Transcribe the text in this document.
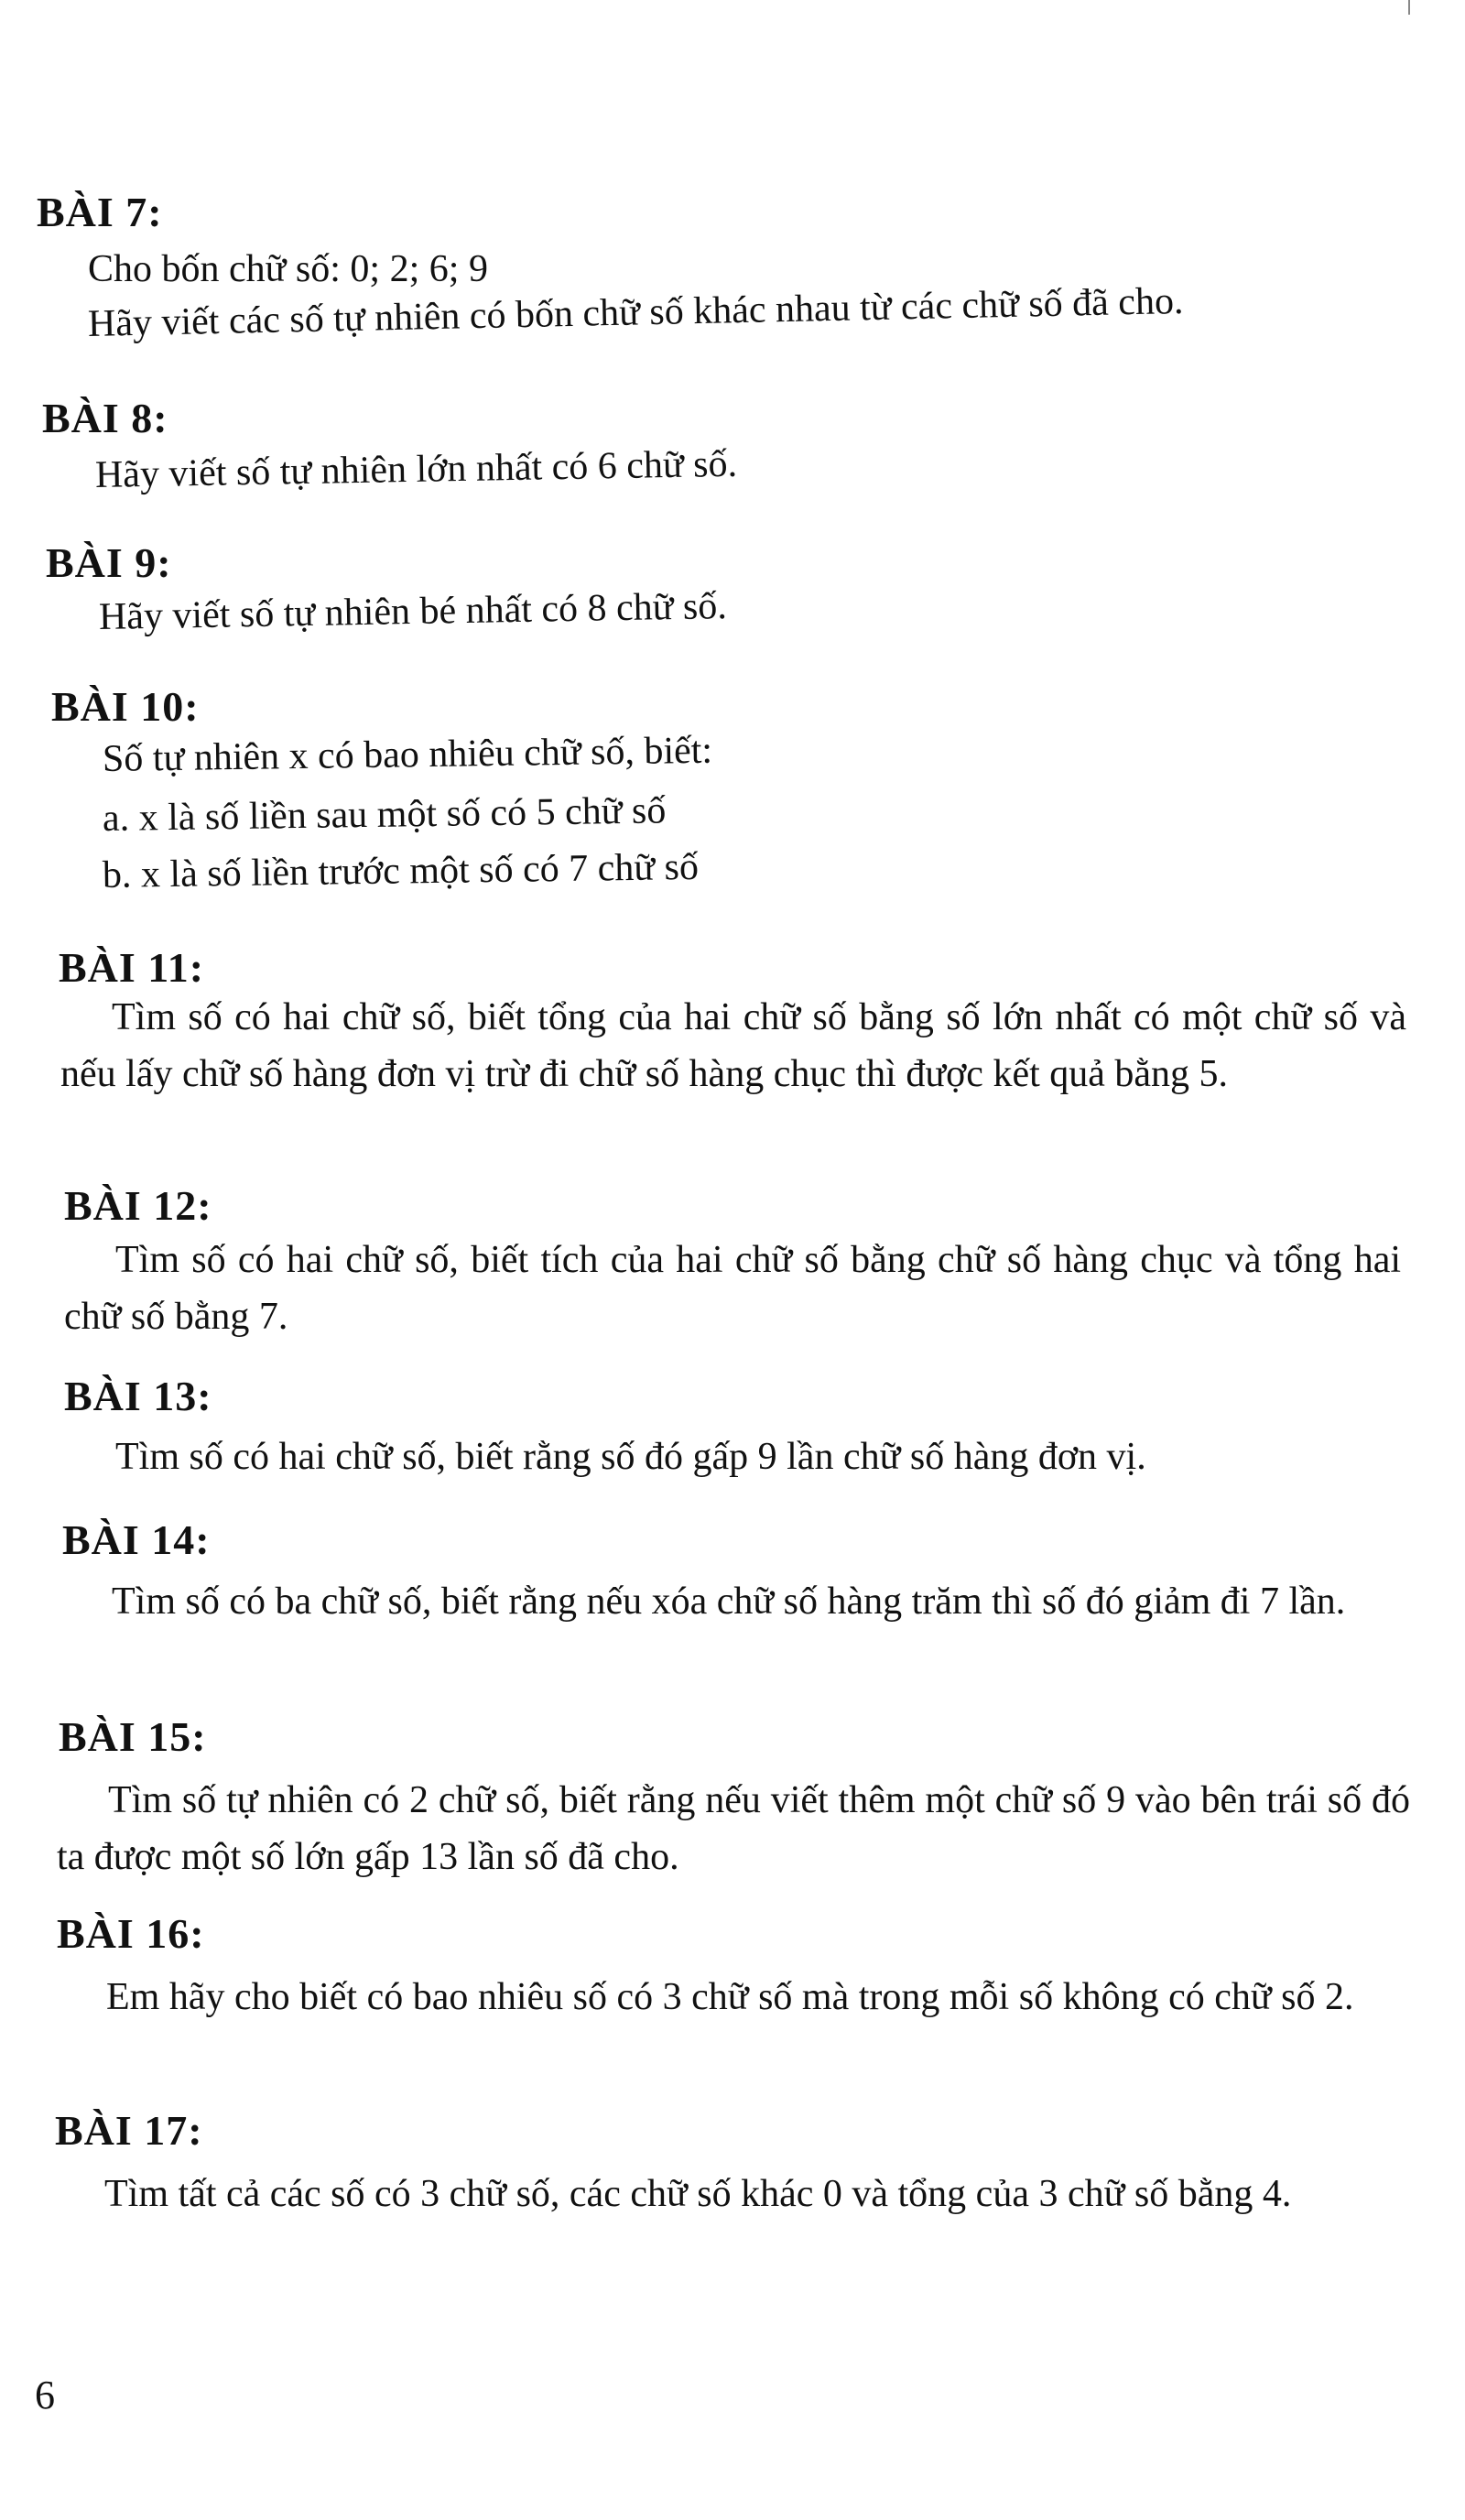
BÀI 7:
Cho bốn chữ số: 0; 2; 6; 9
Hãy viết các số tự nhiên có bốn chữ số khác nhau từ các chữ số đã cho.
BÀI 8:
Hãy viết số tự nhiên lớn nhất có 6 chữ số.
BÀI 9:
Hãy viết số tự nhiên bé nhất có 8 chữ số.
BÀI 10:
Số tự nhiên x có bao nhiêu chữ số, biết:
a. x là số liền sau một số có 5 chữ số
b. x là số liền trước một số có 7 chữ số
BÀI 11:
Tìm số có hai chữ số, biết tổng của hai chữ số bằng số lớn nhất có một chữ số và nếu lấy chữ số hàng đơn vị trừ đi chữ số hàng chục thì được kết quả bằng 5.
BÀI 12:
Tìm số có hai chữ số, biết tích của hai chữ số bằng chữ số hàng chục và tổng hai chữ số bằng 7.
BÀI 13:
Tìm số có hai chữ số, biết rằng số đó gấp 9 lần chữ số hàng đơn vị.
BÀI 14:
Tìm số có ba chữ số, biết rằng nếu xóa chữ số hàng trăm thì số đó giảm đi 7 lần.
BÀI 15:
Tìm số tự nhiên có 2 chữ số, biết rằng nếu viết thêm một chữ số 9 vào bên trái số đó ta được một số lớn gấp 13 lần số đã cho.
BÀI 16:
Em hãy cho biết có bao nhiêu số có 3 chữ số mà trong mỗi số không có chữ số 2.
BÀI 17:
Tìm tất cả các số có 3 chữ số, các chữ số khác 0 và tổng của 3 chữ số bằng 4.
6
